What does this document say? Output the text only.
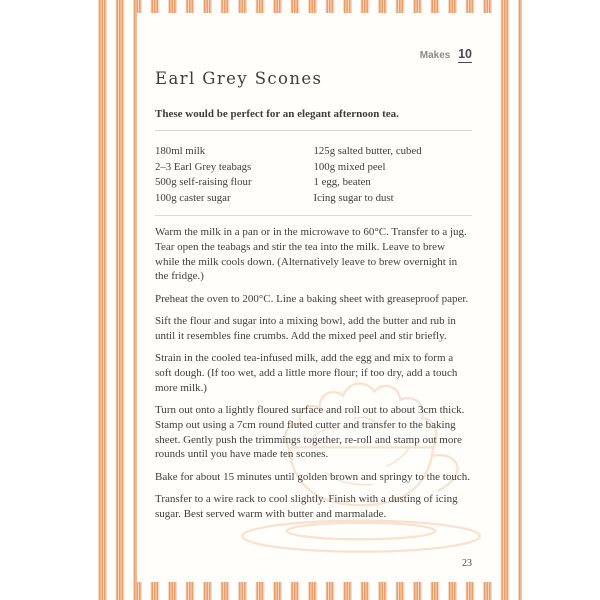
Makes 10
Earl Grey Scones

These would be perfect for an elegant afternoon tea.

180ml milk
2–3 Earl Grey teabags
500g self-raising flour
100g caster sugar
125g salted butter, cubed
100g mixed peel
1 egg, beaten
Icing sugar to dust

Warm the milk in a pan or in the microwave to 60°C. Transfer to a jug. Tear open the teabags and stir the tea into the milk. Leave to brew while the milk cools down. (Alternatively leave to brew overnight in the fridge.)

Preheat the oven to 200°C. Line a baking sheet with greaseproof paper.

Sift the flour and sugar into a mixing bowl, add the butter and rub in until it resembles fine crumbs. Add the mixed peel and stir briefly.

Strain in the cooled tea-infused milk, add the egg and mix to form a soft dough. (If too wet, add a little more flour; if too dry, add a touch more milk.)

Turn out onto a lightly floured surface and roll out to about 3cm thick. Stamp out using a 7cm round fluted cutter and transfer to the baking sheet. Gently push the trimmings together, re-roll and stamp out more rounds until you have made ten scones.

Bake for about 15 minutes until golden brown and springy to the touch.

Transfer to a wire rack to cool slightly. Finish with a dusting of icing sugar. Best served warm with butter and marmalade.

23
